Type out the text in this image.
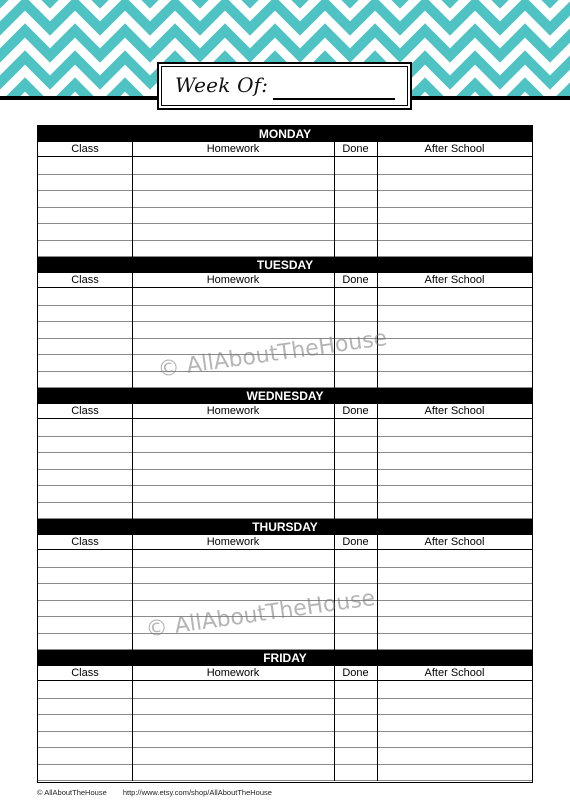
Week Of:
MONDAY
Class	Homework	Done	After School
TUESDAY
Class	Homework	Done	After School
WEDNESDAY
Class	Homework	Done	After School
THURSDAY
Class	Homework	Done	After School
FRIDAY
Class	Homework	Done	After School
© AllAboutTheHouse
© AllAboutTheHouse
© AllAboutTheHouse http://www.etsy.com/shop/AllAboutTheHouse
